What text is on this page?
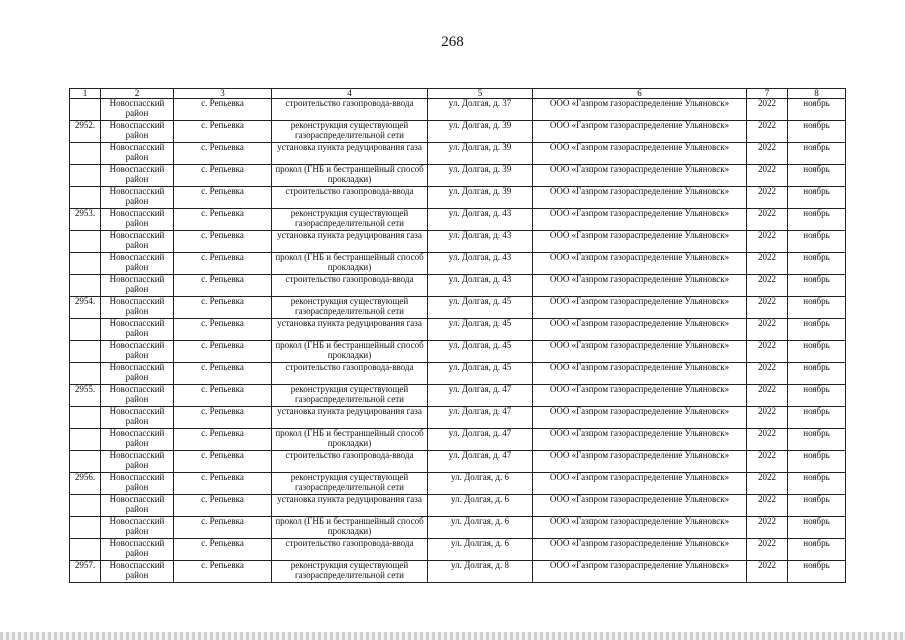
268
1	2	3	4	5	6	7	8
	Новоспасский район	с. Репьевка	строительство газопровода-ввода	ул. Долгая, д. 37	ООО «Газпром газораспределение Ульяновск»	2022	ноябрь
2952.	Новоспасский район	с. Репьевка	реконструкция существующей газораспределительной сети	ул. Долгая, д. 39	ООО «Газпром газораспределение Ульяновск»	2022	ноябрь
	Новоспасский район	с. Репьевка	установка пункта редуцирования газа	ул. Долгая, д. 39	ООО «Газпром газораспределение Ульяновск»	2022	ноябрь
	Новоспасский район	с. Репьевка	прокол (ГНБ и бестраншейный способ прокладки)	ул. Долгая, д. 39	ООО «Газпром газораспределение Ульяновск»	2022	ноябрь
	Новоспасский район	с. Репьевка	строительство газопровода-ввода	ул. Долгая, д. 39	ООО «Газпром газораспределение Ульяновск»	2022	ноябрь
2953.	Новоспасский район	с. Репьевка	реконструкция существующей газораспределительной сети	ул. Долгая, д. 43	ООО «Газпром газораспределение Ульяновск»	2022	ноябрь
	Новоспасский район	с. Репьевка	установка пункта редуцирования газа	ул. Долгая, д. 43	ООО «Газпром газораспределение Ульяновск»	2022	ноябрь
	Новоспасский район	с. Репьевка	прокол (ГНБ и бестраншейный способ прокладки)	ул. Долгая, д. 43	ООО «Газпром газораспределение Ульяновск»	2022	ноябрь
	Новоспасский район	с. Репьевка	строительство газопровода-ввода	ул. Долгая, д. 43	ООО «Газпром газораспределение Ульяновск»	2022	ноябрь
2954.	Новоспасский район	с. Репьевка	реконструкция существующей газораспределительной сети	ул. Долгая, д. 45	ООО «Газпром газораспределение Ульяновск»	2022	ноябрь
	Новоспасский район	с. Репьевка	установка пункта редуцирования газа	ул. Долгая, д. 45	ООО «Газпром газораспределение Ульяновск»	2022	ноябрь
	Новоспасский район	с. Репьевка	прокол (ГНБ и бестраншейный способ прокладки)	ул. Долгая, д. 45	ООО «Газпром газораспределение Ульяновск»	2022	ноябрь
	Новоспасский район	с. Репьевка	строительство газопровода-ввода	ул. Долгая, д. 45	ООО «Газпром газораспределение Ульяновск»	2022	ноябрь
2955.	Новоспасский район	с. Репьевка	реконструкция существующей газораспределительной сети	ул. Долгая, д. 47	ООО «Газпром газораспределение Ульяновск»	2022	ноябрь
	Новоспасский район	с. Репьевка	установка пункта редуцирования газа	ул. Долгая, д. 47	ООО «Газпром газораспределение Ульяновск»	2022	ноябрь
	Новоспасский район	с. Репьевка	прокол (ГНБ и бестраншейный способ прокладки)	ул. Долгая, д. 47	ООО «Газпром газораспределение Ульяновск»	2022	ноябрь
	Новоспасский район	с. Репьевка	строительство газопровода-ввода	ул. Долгая, д. 47	ООО «Газпром газораспределение Ульяновск»	2022	ноябрь
2956.	Новоспасский район	с. Репьевка	реконструкция существующей газораспределительной сети	ул. Долгая, д. 6	ООО «Газпром газораспределение Ульяновск»	2022	ноябрь
	Новоспасский район	с. Репьевка	установка пункта редуцирования газа	ул. Долгая, д. 6	ООО «Газпром газораспределение Ульяновск»	2022	ноябрь
	Новоспасский район	с. Репьевка	прокол (ГНБ и бестраншейный способ прокладки)	ул. Долгая, д. 6	ООО «Газпром газораспределение Ульяновск»	2022	ноябрь
	Новоспасский район	с. Репьевка	строительство газопровода-ввода	ул. Долгая, д. 6	ООО «Газпром газораспределение Ульяновск»	2022	ноябрь
2957.	Новоспасский район	с. Репьевка	реконструкция существующей газораспределительной сети	ул. Долгая, д. 8	ООО «Газпром газораспределение Ульяновск»	2022	ноябрь
